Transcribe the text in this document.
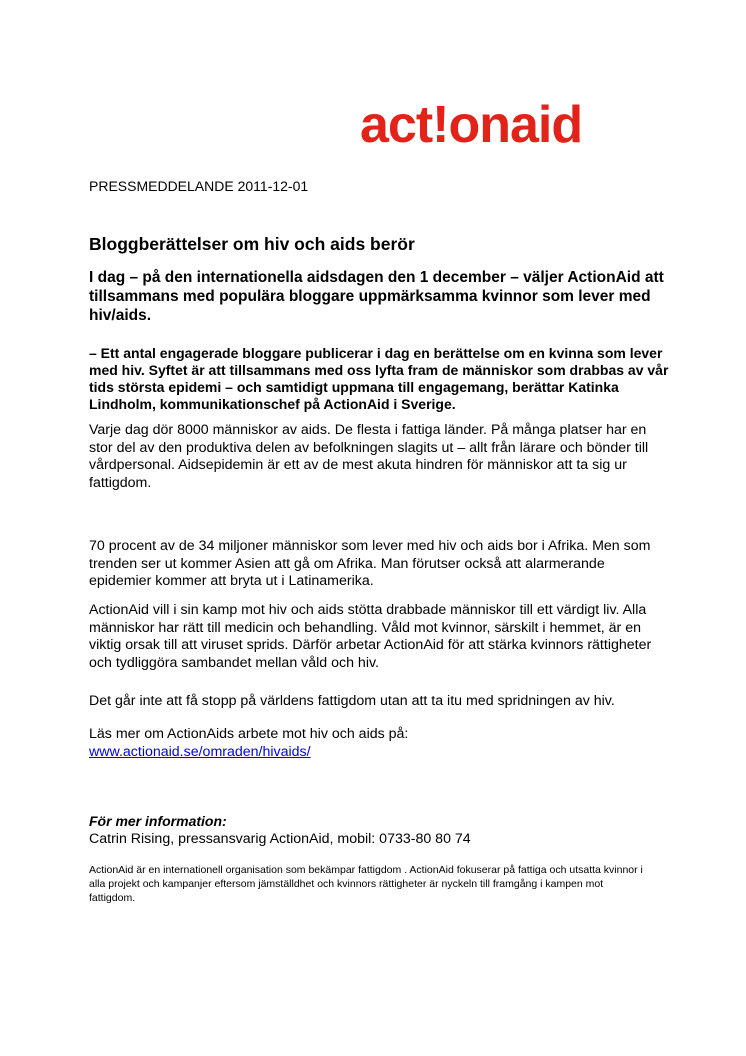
act!onaid
PRESSMEDDELANDE 2011-12-01
Bloggberättelser om hiv och aids berör

I dag – på den internationella aidsdagen den 1 december – väljer ActionAid att tillsammans med populära bloggare uppmärksamma kvinnor som lever med hiv/aids.

– Ett antal engagerade bloggare publicerar i dag en berättelse om en kvinna som lever med hiv. Syftet är att tillsammans med oss lyfta fram de människor som drabbas av vår tids största epidemi – och samtidigt uppmana till engagemang, berättar Katinka Lindholm, kommunikationschef på ActionAid i Sverige.

Varje dag dör 8000 människor av aids. De flesta i fattiga länder. På många platser har en stor del av den produktiva delen av befolkningen slagits ut – allt från lärare och bönder till vårdpersonal. Aidsepidemin är ett av de mest akuta hindren för människor att ta sig ur fattigdom.

70 procent av de 34 miljoner människor som lever med hiv och aids bor i Afrika. Men som trenden ser ut kommer Asien att gå om Afrika. Man förutser också att alarmerande epidemier kommer att bryta ut i Latinamerika.

ActionAid vill i sin kamp mot hiv och aids stötta drabbade människor till ett värdigt liv. Alla människor har rätt till medicin och behandling. Våld mot kvinnor, särskilt i hemmet, är en viktig orsak till att viruset sprids. Därför arbetar ActionAid för att stärka kvinnors rättigheter och tydliggöra sambandet mellan våld och hiv.

Det går inte att få stopp på världens fattigdom utan att ta itu med spridningen av hiv.

Läs mer om ActionAids arbete mot hiv och aids på:
www.actionaid.se/omraden/hivaids/
För mer information:
Catrin Rising, pressansvarig ActionAid, mobil: 0733-80 80 74

ActionAid är en internationell organisation som bekämpar fattigdom . ActionAid fokuserar på fattiga och utsatta kvinnor i alla projekt och kampanjer eftersom jämställdhet och kvinnors rättigheter är nyckeln till framgång i kampen mot fattigdom.
